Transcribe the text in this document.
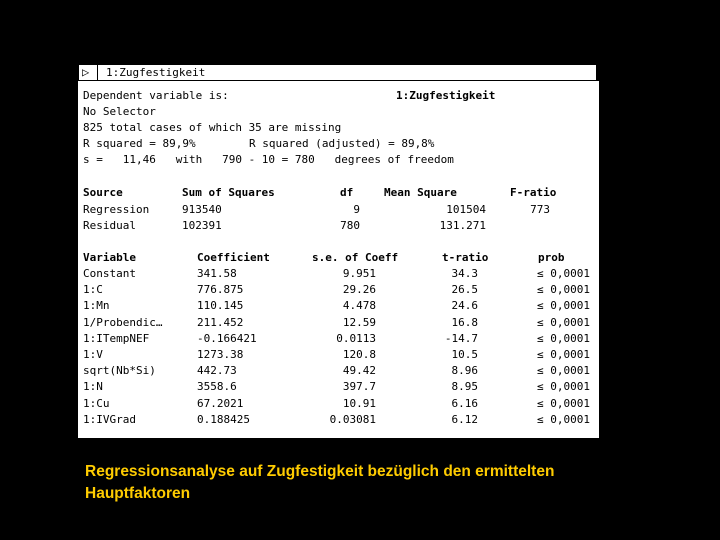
▷ 1:Zugfestigkeit
Dependent variable is:	1:Zugfestigkeit
No Selector
825 total cases of which 35 are missing
R squared = 89,9%	R squared (adjusted) = 89,8%
s =   11,46   with   790 - 10 = 780   degrees of freedom
Source	Sum of Squares	df	Mean Square	F-ratio
Regression	913540	9	101504	773
Residual	102391	780	131.271
Variable	Coefficient	s.e. of Coeff	t-ratio	prob
Constant	341.58	9.951	34.3	≤ 0,0001
1:C	776.875	29.26	26.5	≤ 0,0001
1:Mn	110.145	4.478	24.6	≤ 0,0001
1/Probendic…	211.452	12.59	16.8	≤ 0,0001
1:ITempNEF	-0.166421	0.0113	-14.7	≤ 0,0001
1:V	1273.38	120.8	10.5	≤ 0,0001
sqrt(Nb*Si)	442.73	49.42	8.96	≤ 0,0001
1:N	3558.6	397.7	8.95	≤ 0,0001
1:Cu	67.2021	10.91	6.16	≤ 0,0001
1:IVGrad	0.188425	0.03081	6.12	≤ 0,0001
Regressionsanalyse auf Zugfestigkeit bezüglich den ermittelten Hauptfaktoren
